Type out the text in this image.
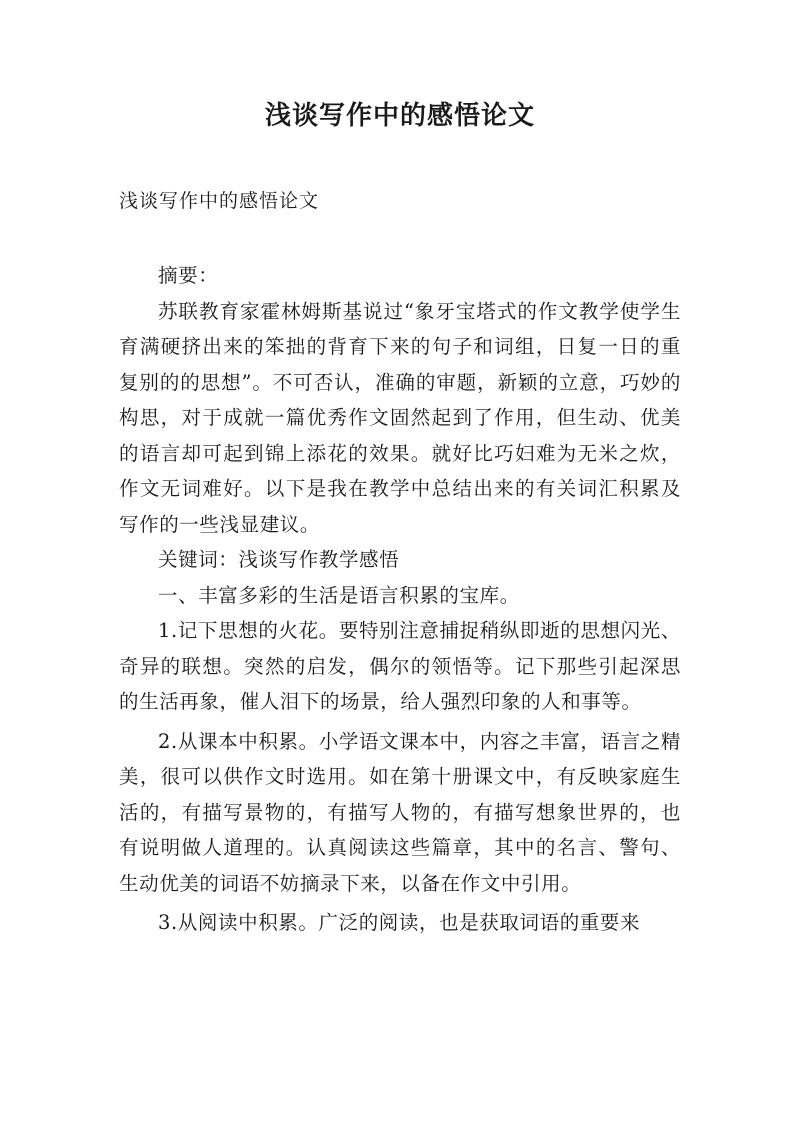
浅谈写作中的感悟论文
浅谈写作中的感悟论文

摘要：

苏联教育家霍林姆斯基说过“象牙宝塔式的作文教学使学生育满硬挤出来的笨拙的背育下来的句子和词组，日复一日的重复别的的思想”。不可否认，准确的审题，新颖的立意，巧妙的构思，对于成就一篇优秀作文固然起到了作用，但生动、优美的语言却可起到锦上添花的效果。就好比巧妇难为无米之炊，作文无词难好。以下是我在教学中总结出来的有关词汇积累及写作的一些浅显建议。

关键词：浅谈写作教学感悟

一、丰富多彩的生活是语言积累的宝库。

1.记下思想的火花。要特别注意捕捉稍纵即逝的思想闪光、奇异的联想。突然的启发，偶尔的领悟等。记下那些引起深思的生活再象，催人泪下的场景，给人强烈印象的人和事等。

2.从课本中积累。小学语文课本中，内容之丰富，语言之精美，很可以供作文时选用。如在第十册课文中，有反映家庭生活的，有描写景物的，有描写人物的，有描写想象世界的，也有说明做人道理的。认真阅读这些篇章，其中的名言、警句、生动优美的词语不妨摘录下来，以备在作文中引用。

3.从阅读中积累。广泛的阅读，也是获取词语的重要来
